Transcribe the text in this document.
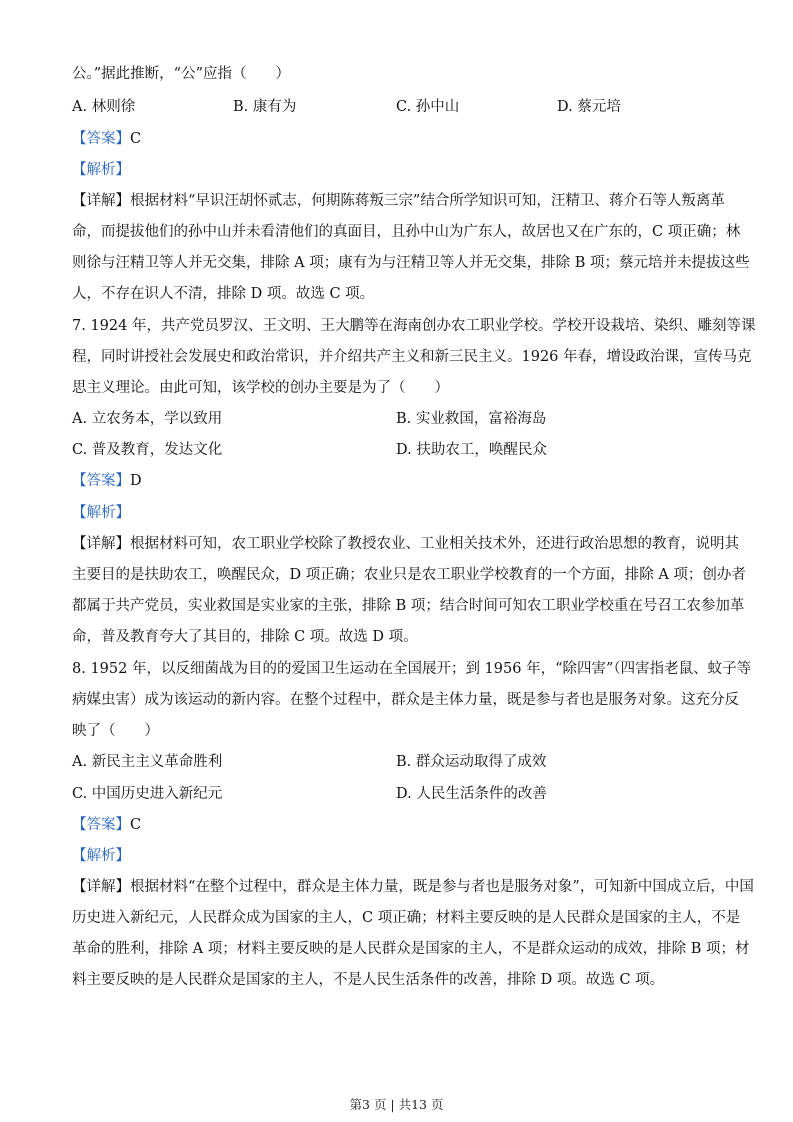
公。”据此推断，“公”应指（　　）
A. 林则徐	B. 康有为	C. 孙中山	D. 蔡元培
【答案】C
【解析】
【详解】根据材料“早识汪胡怀贰志，何期陈蒋叛三宗”结合所学知识可知，汪精卫、蒋介石等人叛离革
命，而提拔他们的孙中山并未看清他们的真面目，且孙中山为广东人，故居也又在广东的，C 项正确；林
则徐与汪精卫等人并无交集，排除 A 项；康有为与汪精卫等人并无交集，排除 B 项；蔡元培并未提拔这些
人，不存在识人不清，排除 D 项。故选 C 项。
7. 1924 年，共产党员罗汉、王文明、王大鹏等在海南创办农工职业学校。学校开设栽培、染织、雕刻等课
程，同时讲授社会发展史和政治常识，并介绍共产主义和新三民主义。1926 年春，增设政治课，宣传马克
思主义理论。由此可知，该学校的创办主要是为了（　　）
A. 立农务本，学以致用	B. 实业救国，富裕海岛
C. 普及教育，发达文化	D. 扶助农工，唤醒民众
【答案】D
【解析】
【详解】根据材料可知，农工职业学校除了教授农业、工业相关技术外，还进行政治思想的教育，说明其
主要目的是扶助农工，唤醒民众，D 项正确；农业只是农工职业学校教育的一个方面，排除 A 项；创办者
都属于共产党员，实业救国是实业家的主张，排除 B 项；结合时间可知农工职业学校重在号召工农参加革
命，普及教育夸大了其目的，排除 C 项。故选 D 项。
8. 1952 年，以反细菌战为目的的爱国卫生运动在全国展开；到 1956 年，“除四害”（四害指老鼠、蚊子等
病媒虫害）成为该运动的新内容。在整个过程中，群众是主体力量，既是参与者也是服务对象。这充分反
映了（　　）
A. 新民主主义革命胜利	B. 群众运动取得了成效
C. 中国历史进入新纪元	D. 人民生活条件的改善
【答案】C
【解析】
【详解】根据材料“在整个过程中，群众是主体力量，既是参与者也是服务对象”，可知新中国成立后，中国
历史进入新纪元，人民群众成为国家的主人，C 项正确；材料主要反映的是人民群众是国家的主人，不是
革命的胜利，排除 A 项；材料主要反映的是人民群众是国家的主人，不是群众运动的成效，排除 B 项；材
料主要反映的是人民群众是国家的主人，不是人民生活条件的改善，排除 D 项。故选 C 项。
第3 页 | 共13 页
